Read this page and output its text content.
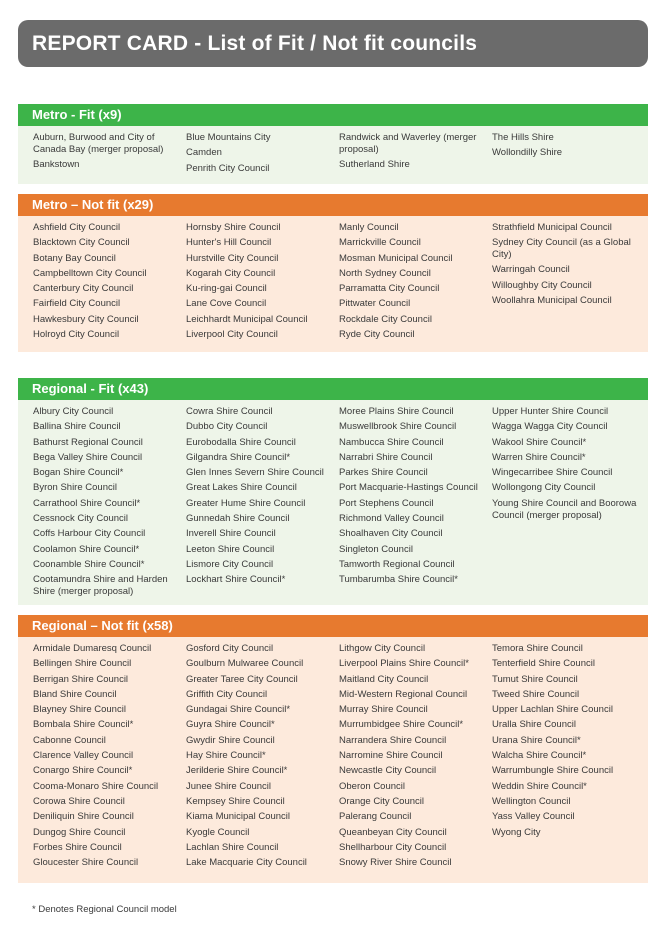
REPORT CARD - List of Fit / Not fit councils
Metro - Fit (x9)
Auburn, Burwood and City of Canada Bay (merger proposal)
Bankstown
Blue Mountains City
Camden
Penrith City Council
Randwick and Waverley (merger proposal)
Sutherland Shire
The Hills Shire
Wollondilly Shire
Metro – Not fit (x29)
Ashfield City Council
Blacktown City Council
Botany Bay Council
Campbelltown City Council
Canterbury City Council
Fairfield City Council
Hawkesbury City Council
Holroyd City Council
Hornsby Shire Council
Hunter's Hill Council
Hurstville City Council
Kogarah City Council
Ku-ring-gai Council
Lane Cove Council
Leichhardt Municipal Council
Liverpool City Council
Manly Council
Marrickville Council
Mosman Municipal Council
North Sydney Council
Parramatta City Council
Pittwater Council
Rockdale City Council
Ryde City Council
Strathfield Municipal Council
Sydney City Council (as a Global City)
Warringah Council
Willoughby City Council
Woollahra Municipal Council
Regional - Fit (x43)
Albury City Council
Ballina Shire Council
Bathurst Regional Council
Bega Valley Shire Council
Bogan Shire Council*
Byron Shire Council
Carrathool Shire Council*
Cessnock City Council
Coffs Harbour City Council
Coolamon Shire Council*
Coonamble Shire Council*
Cootamundra Shire and Harden Shire (merger proposal)
Cowra Shire Council
Dubbo City Council
Eurobodalla Shire Council
Gilgandra Shire Council*
Glen Innes Severn Shire Council
Great Lakes Shire Council
Greater Hume Shire Council
Gunnedah Shire Council
Inverell Shire Council
Leeton Shire Council
Lismore City Council
Lockhart Shire Council*
Moree Plains Shire Council
Muswellbrook Shire Council
Nambucca Shire Council
Narrabri Shire Council
Parkes Shire Council
Port Macquarie-Hastings Council
Port Stephens Council
Richmond Valley Council
Shoalhaven City Council
Singleton Council
Tamworth Regional Council
Tumbarumba Shire Council*
Upper Hunter Shire Council
Wagga Wagga City Council
Wakool Shire Council*
Warren Shire Council*
Wingecarribee Shire Council
Wollongong City Council
Young Shire Council and Boorowa Council (merger proposal)
Regional – Not fit (x58)
Armidale Dumaresq Council
Bellingen Shire Council
Berrigan Shire Council
Bland Shire Council
Blayney Shire Council
Bombala Shire Council*
Cabonne Council
Clarence Valley Council
Conargo Shire Council*
Cooma-Monaro Shire Council
Corowa Shire Council
Deniliquin Shire Council
Dungog Shire Council
Forbes Shire Council
Gloucester Shire Council
Gosford City Council
Goulburn Mulwaree Council
Greater Taree City Council
Griffith City Council
Gundagai Shire Council*
Guyra Shire Council*
Gwydir Shire Council
Hay Shire Council*
Jerilderie Shire Council*
Junee Shire Council
Kempsey Shire Council
Kiama Municipal Council
Kyogle Council
Lachlan Shire Council
Lake Macquarie City Council
Lithgow City Council
Liverpool Plains Shire Council*
Maitland City Council
Mid-Western Regional Council
Murray Shire Council
Murrumbidgee Shire Council*
Narrandera Shire Council
Narromine Shire Council
Newcastle City Council
Oberon Council
Orange City Council
Palerang Council
Queanbeyan City Council
Shellharbour City Council
Snowy River Shire Council
Temora Shire Council
Tenterfield Shire Council
Tumut Shire Council
Tweed Shire Council
Upper Lachlan Shire Council
Uralla Shire Council
Urana Shire Council*
Walcha Shire Council*
Warrumbungle Shire Council
Weddin Shire Council*
Wellington Council
Yass Valley Council
Wyong City
* Denotes Regional Council model
